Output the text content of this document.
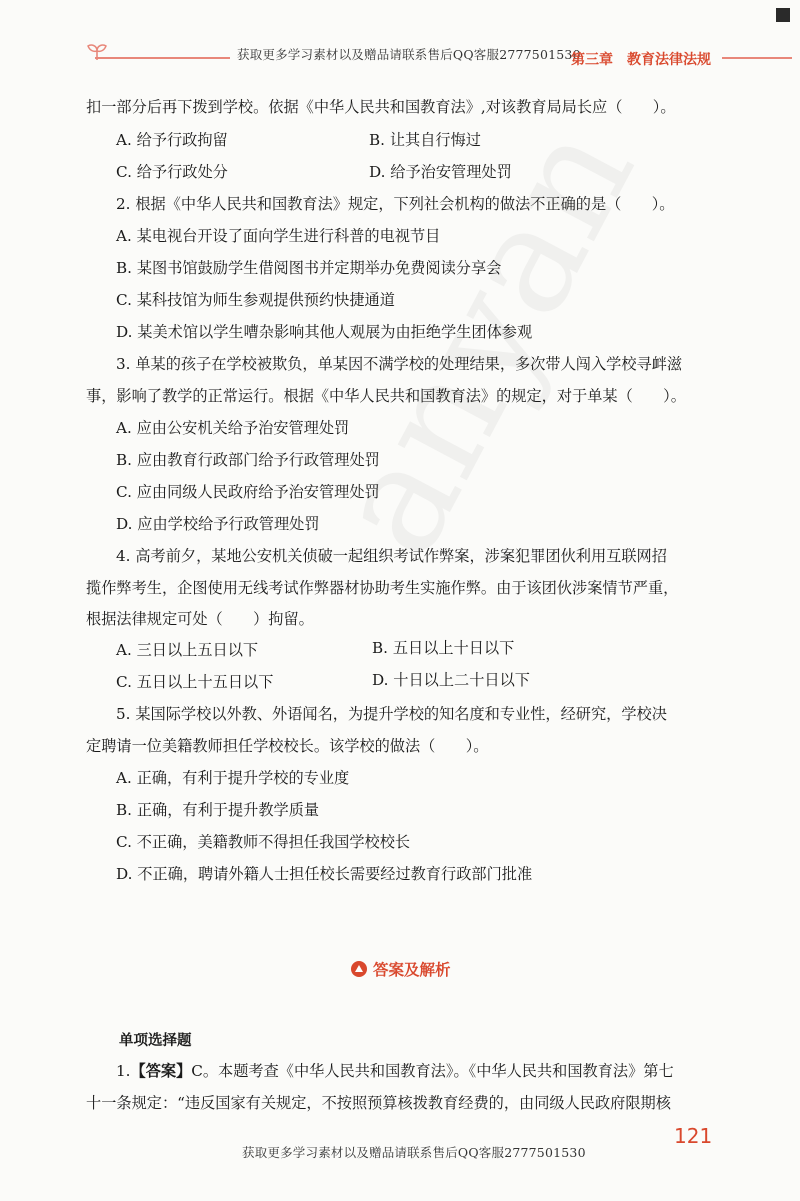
获取更多学习素材以及赠品请联系售后QQ客服2777501530
第三章 教育法律法规
扣一部分后再下拨到学校。依据《中华人民共和国教育法》,对该教育局局长应（　　）。
A. 给予行政拘留	B. 让其自行悔过
C. 给予行政处分	D. 给予治安管理处罚
2. 根据《中华人民共和国教育法》规定，下列社会机构的做法不正确的是（　　）。
A. 某电视台开设了面向学生进行科普的电视节目
B. 某图书馆鼓励学生借阅图书并定期举办免费阅读分享会
C. 某科技馆为师生参观提供预约快捷通道
D. 某美术馆以学生嘈杂影响其他人观展为由拒绝学生团体参观
3. 单某的孩子在学校被欺负，单某因不满学校的处理结果，多次带人闯入学校寻衅滋
事，影响了教学的正常运行。根据《中华人民共和国教育法》的规定，对于单某（　　）。
A. 应由公安机关给予治安管理处罚
B. 应由教育行政部门给予行政管理处罚
C. 应由同级人民政府给予治安管理处罚
D. 应由学校给予行政管理处罚
4. 高考前夕，某地公安机关侦破一起组织考试作弊案，涉案犯罪团伙利用互联网招
揽作弊考生，企图使用无线考试作弊器材协助考生实施作弊。由于该团伙涉案情节严重，
根据法律规定可处（　　）拘留。
A. 三日以上五日以下	B. 五日以上十日以下
C. 五日以上十五日以下	D. 十日以上二十日以下
5. 某国际学校以外教、外语闻名，为提升学校的知名度和专业性，经研究，学校决
定聘请一位美籍教师担任学校校长。该学校的做法（　　）。
A. 正确，有利于提升学校的专业度
B. 正确，有利于提升教学质量
C. 不正确，美籍教师不得担任我国学校校长
D. 不正确，聘请外籍人士担任校长需要经过教育行政部门批准
答案及解析
单项选择题
1.【答案】C。本题考查《中华人民共和国教育法》。《中华人民共和国教育法》第七
十一条规定：“违反国家有关规定，不按照预算核拨教育经费的，由同级人民政府限期核
121
获取更多学习素材以及赠品请联系售后QQ客服2777501530
